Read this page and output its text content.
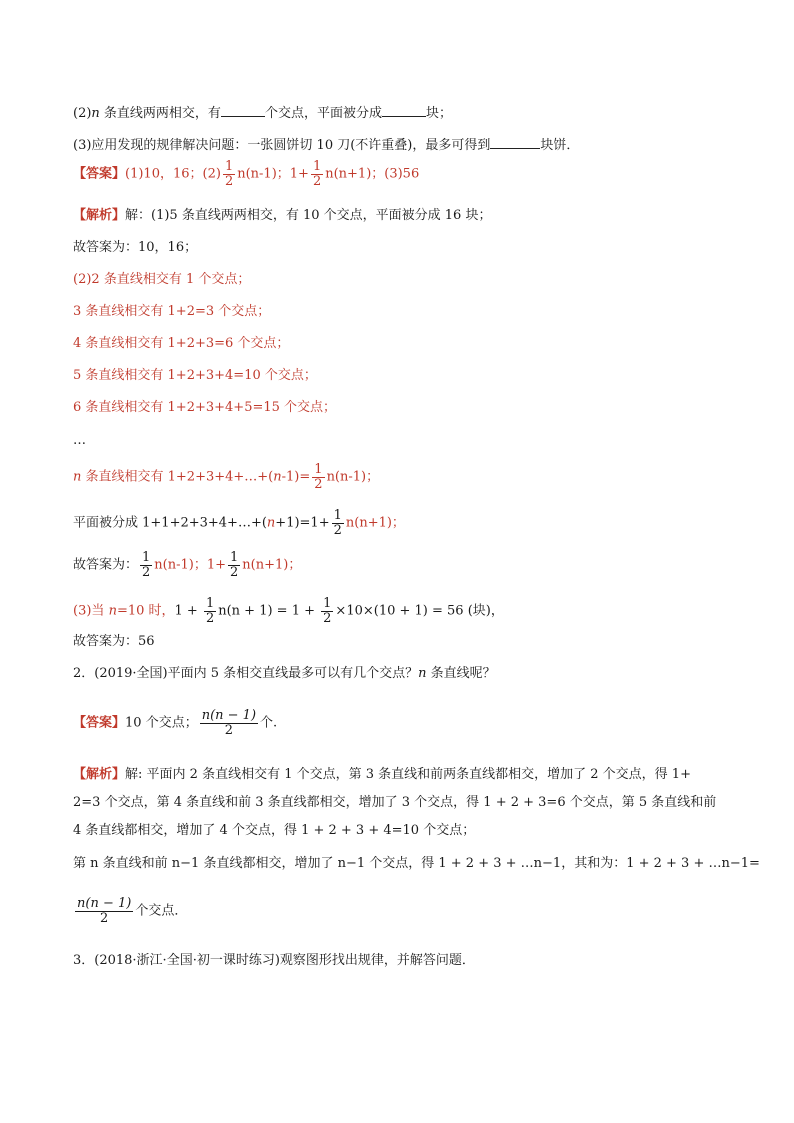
(2)n 条直线两两相交，有	个交点，平面被分成	块；
(3)应用发现的规律解决问题：一张圆饼切 10 刀(不许重叠)，最多可得到	块饼．
【答案】(1)10，16；$(2) \frac{1}{2} n(n-1)$；$1+ \frac{1}{2} n(n+1)$；(3)56
【解析】解：(1)5 条直线两两相交，有 10 个交点，平面被分成 16 块；
故答案为：10，16；
(2)2 条直线相交有 1 个交点；
3 条直线相交有 1+2=3 个交点；
4 条直线相交有 1+2+3=6 个交点；
5 条直线相交有 1+2+3+4=10 个交点；
6 条直线相交有 1+2+3+4+5=15 个交点；
…
n 条直线相交有 1+2+3+4+…+(n-1)= $\frac{1}{2} n(n-1)$；
平面被分成 1+1+2+3+4+…+(n+1)=1+ $\frac{1}{2} n(n+1)$；
故答案为： $\frac{1}{2} n(n-1)$；$1+ \frac{1}{2} n(n+1)$；
(3)当 n=10 时，$1 + \frac{1}{2} n(n + 1) = 1 + \frac{1}{2} \times 10\times(10 + 1) = 56$ (块)，
故答案为：56
2．(2019·全国)平面内 5 条相交直线最多可以有几个交点？n 条直线呢？
【答案】10 个交点； $\frac{n(n - 1)}{2}$ 个.
【解析】解: 平面内 2 条直线相交有 1 个交点，第 3 条直线和前两条直线都相交，增加了 2 个交点，得 1+
2=3 个交点，第 4 条直线和前 3 条直线都相交，增加了 3 个交点，得 1 + 2 + 3=6 个交点，第 5 条直线和前
4 条直线都相交，增加了 4 个交点，得 1 + 2 + 3 + 4=10 个交点；
第 n 条直线和前 n−1 条直线都相交，增加了 n−1 个交点，得 1 + 2 + 3 + …n−1，其和为：1 + 2 + 3 + …n−1=
$\frac{n(n - 1)}{2}$ 个交点．
3．(2018·浙江·全国·初一课时练习)观察图形找出规律，并解答问题．
